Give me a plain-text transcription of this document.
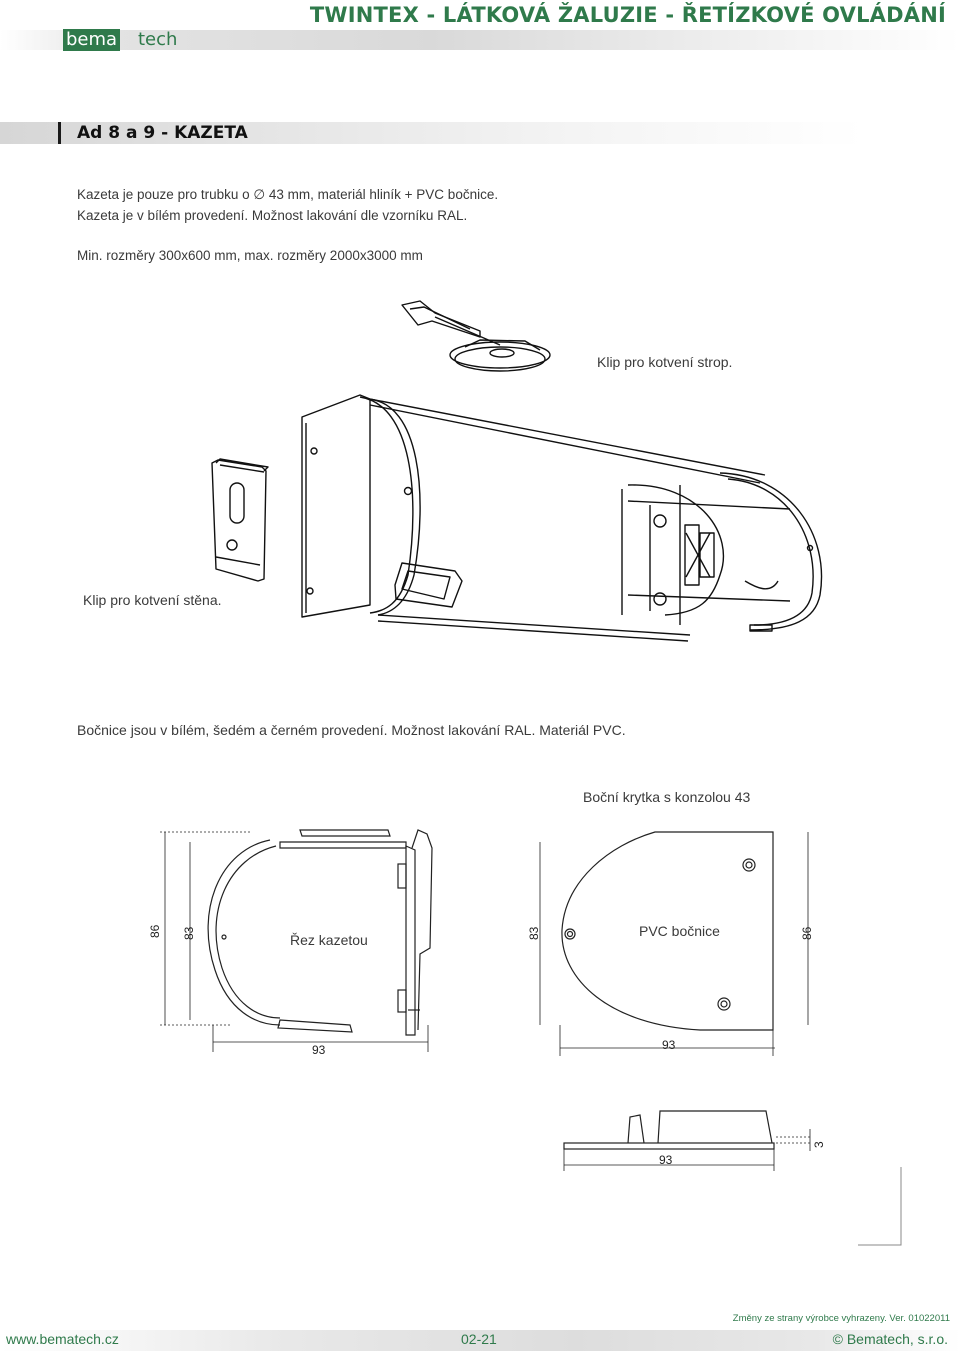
bema tech
TWINTEX - LÁTKOVÁ ŽALUZIE - ŘETÍZKOVÉ OVLÁDÁNÍ
Ad 8 a 9 - KAZETA
Kazeta je pouze pro trubku o ∅ 43 mm, materiál hliník + PVC bočnice.
Kazeta je v bílém provedení. Možnost lakování dle vzorníku RAL.
Min. rozměry 300x600 mm, max. rozměry 2000x3000 mm
Klip pro kotvení strop.
Klip pro kotvení stěna.
Bočnice jsou v bílém, šedém a černém provedení. Možnost lakování RAL. Materiál PVC.
Boční krytka s konzolou 43
86 83	83	86
93	93
Řez kazetou
PVC bočnice
93
3
Změny ze strany výrobce vyhrazeny. Ver. 01022011
www.bematech.cz	02-21	© Bematech, s.r.o.
